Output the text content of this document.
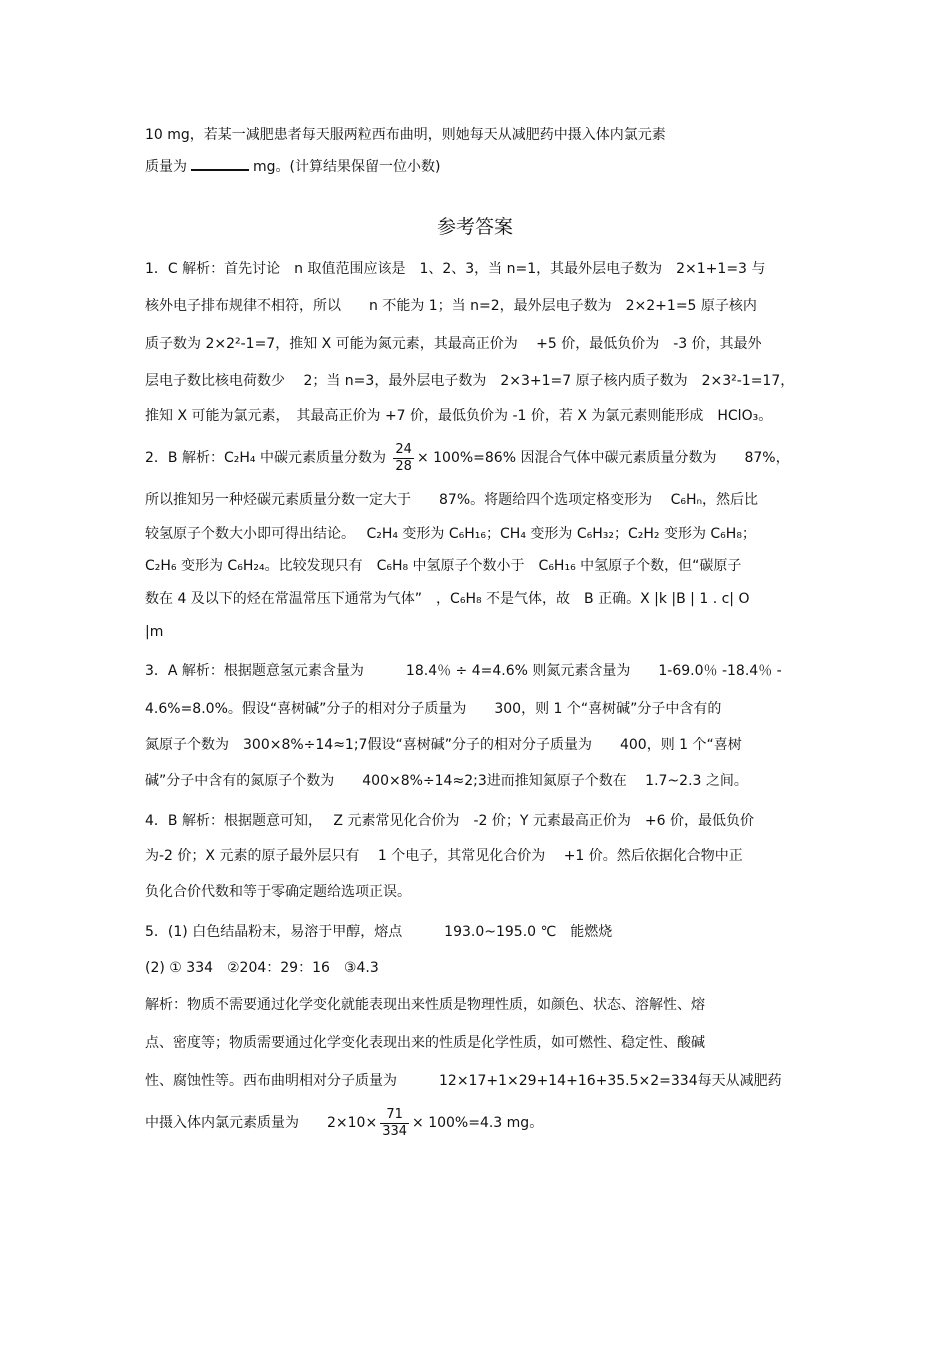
10 mg，若某一减肥患者每天服两粒西布曲明，则她每天从减肥药中摄入体内氯元素
质量为	mg。(计算结果保留一位小数)
参考答案
1．C 解析：首先讨论　n 取值范围应该是　1、2、3，当 n=1，其最外层电子数为　2×1+1=3 与
核外电子排布规律不相符，所以　　n 不能为 1；当 n=2，最外层电子数为　2×2+1=5 原子核内
质子数为 2×2²-1=7，推知 X 可能为氮元素，其最高正价为　 +5 价，最低负价为　-3 价，其最外
层电子数比核电荷数少　 2；当 n=3，最外层电子数为　2×3+1=7 原子核内质子数为　2×3²-1=17，
推知 X 可能为氯元素，　其最高正价为 +7 价，最低负价为 -1 价，若 X 为氯元素则能形成　HClO₃。
2．B 解析：C₂H₄ 中碳元素质量分数为 $\frac{24}{28} \times 100\%=86\%$ 因混合气体中碳元素质量分数为　　87%，
所以推知另一种烃碳元素质量分数一定大于　　87%。将题给四个选项定格变形为　 C₆Hₙ，然后比
较氢原子个数大小即可得出结论。　 C₂H₄ 变形为 C₆H₁₆；CH₄ 变形为 C₆H₃₂；C₂H₂ 变形为 C₆H₈；
C₂H₆ 变形为 C₆H₂₄。比较发现只有　C₆H₈ 中氢原子个数小于　C₆H₁₆ 中氢原子个数，但“碳原子
数在 4 及以下的烃在常温常压下通常为气体”　，C₆H₈ 不是气体，故　B 正确。X |k |B | 1 . c| O
|m
3．A 解析：根据题意氢元素含量为　　　18.4％ ÷ 4=4.6% 则氮元素含量为　　1-69.0％ -18.4％ -
4.6%=8.0%。假设“喜树碱”分子的相对分子质量为　　300，则 1 个“喜树碱”分子中含有的
氮原子个数为　300×8%÷14≈1;7假设“喜树碱”分子的相对分子质量为　　400，则 1 个“喜树
碱”分子中含有的氮原子个数为　　400×8%÷14≈2;3进而推知氮原子个数在　 1.7~2.3 之间。
4．B 解析：根据题意可知，　 Z 元素常见化合价为　-2 价；Y 元素最高正价为　+6 价，最低负价
为-2 价；X 元素的原子最外层只有　 1 个电子，其常见化合价为　 +1 价。然后依据化合物中正
负化合价代数和等于零确定题给选项正误。
5．(1) 白色结晶粉末，易溶于甲醇，熔点　　　193.0~195.0 ℃　能燃烧
(2) ① 334　②204：29：16　③4.3
解析：物质不需要通过化学变化就能表现出来性质是物理性质，如颜色、状态、溶解性、熔
点、密度等；物质需要通过化学变化表现出来的性质是化学性质，如可燃性、稳定性、酸碱
性、腐蚀性等。西布曲明相对分子质量为　　　12×17+1×29+14+16+35.5×2=334每天从减肥药
中摄入体内氯元素质量为　　$2\times 10\times \frac{71}{334} \times 100\%=4.3$ mg。
